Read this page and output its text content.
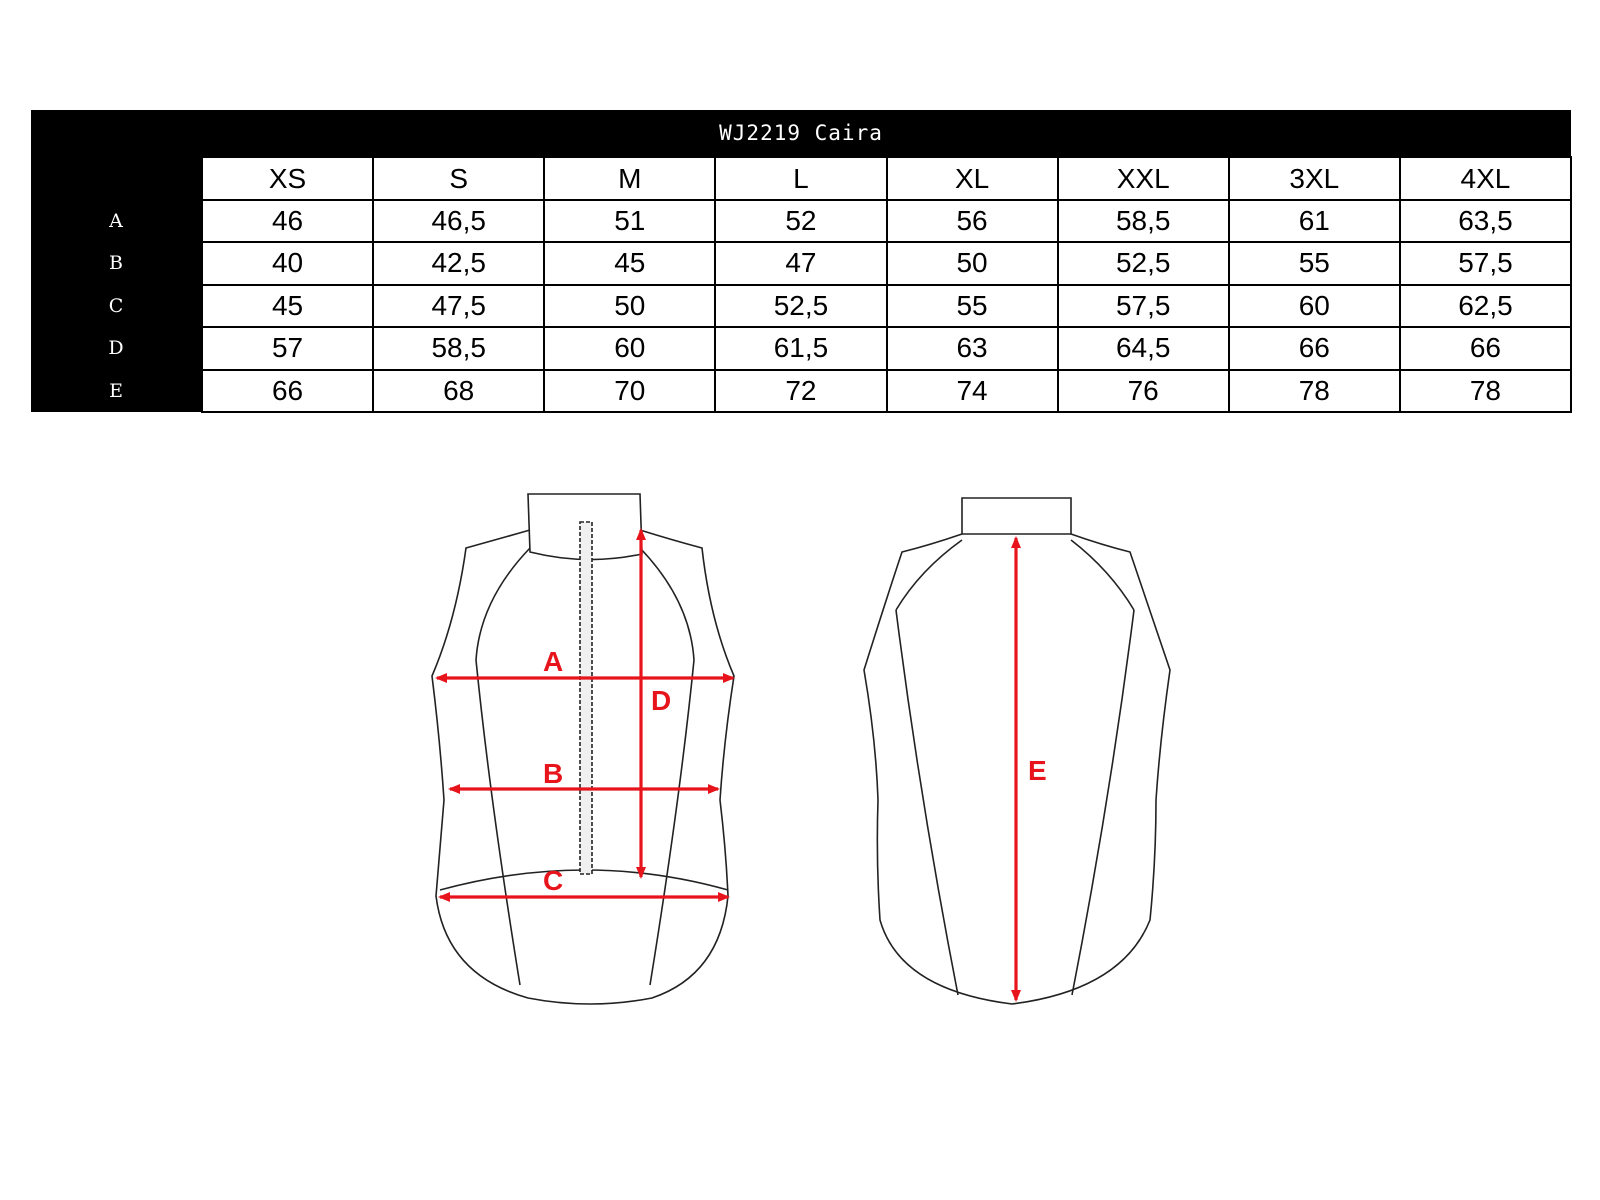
WJ2219 Caira								
	XS	S	M	L	XL	XXL	3XL	4XL
A	46	46,5	51	52	56	58,5	61	63,5
B	40	42,5	45	47	50	52,5	55	57,5
C	45	47,5	50	52,5	55	57,5	60	62,5
D	57	58,5	60	61,5	63	64,5	66	66
E	66	68	70	72	74	76	78	78
A
D
B
C
E
